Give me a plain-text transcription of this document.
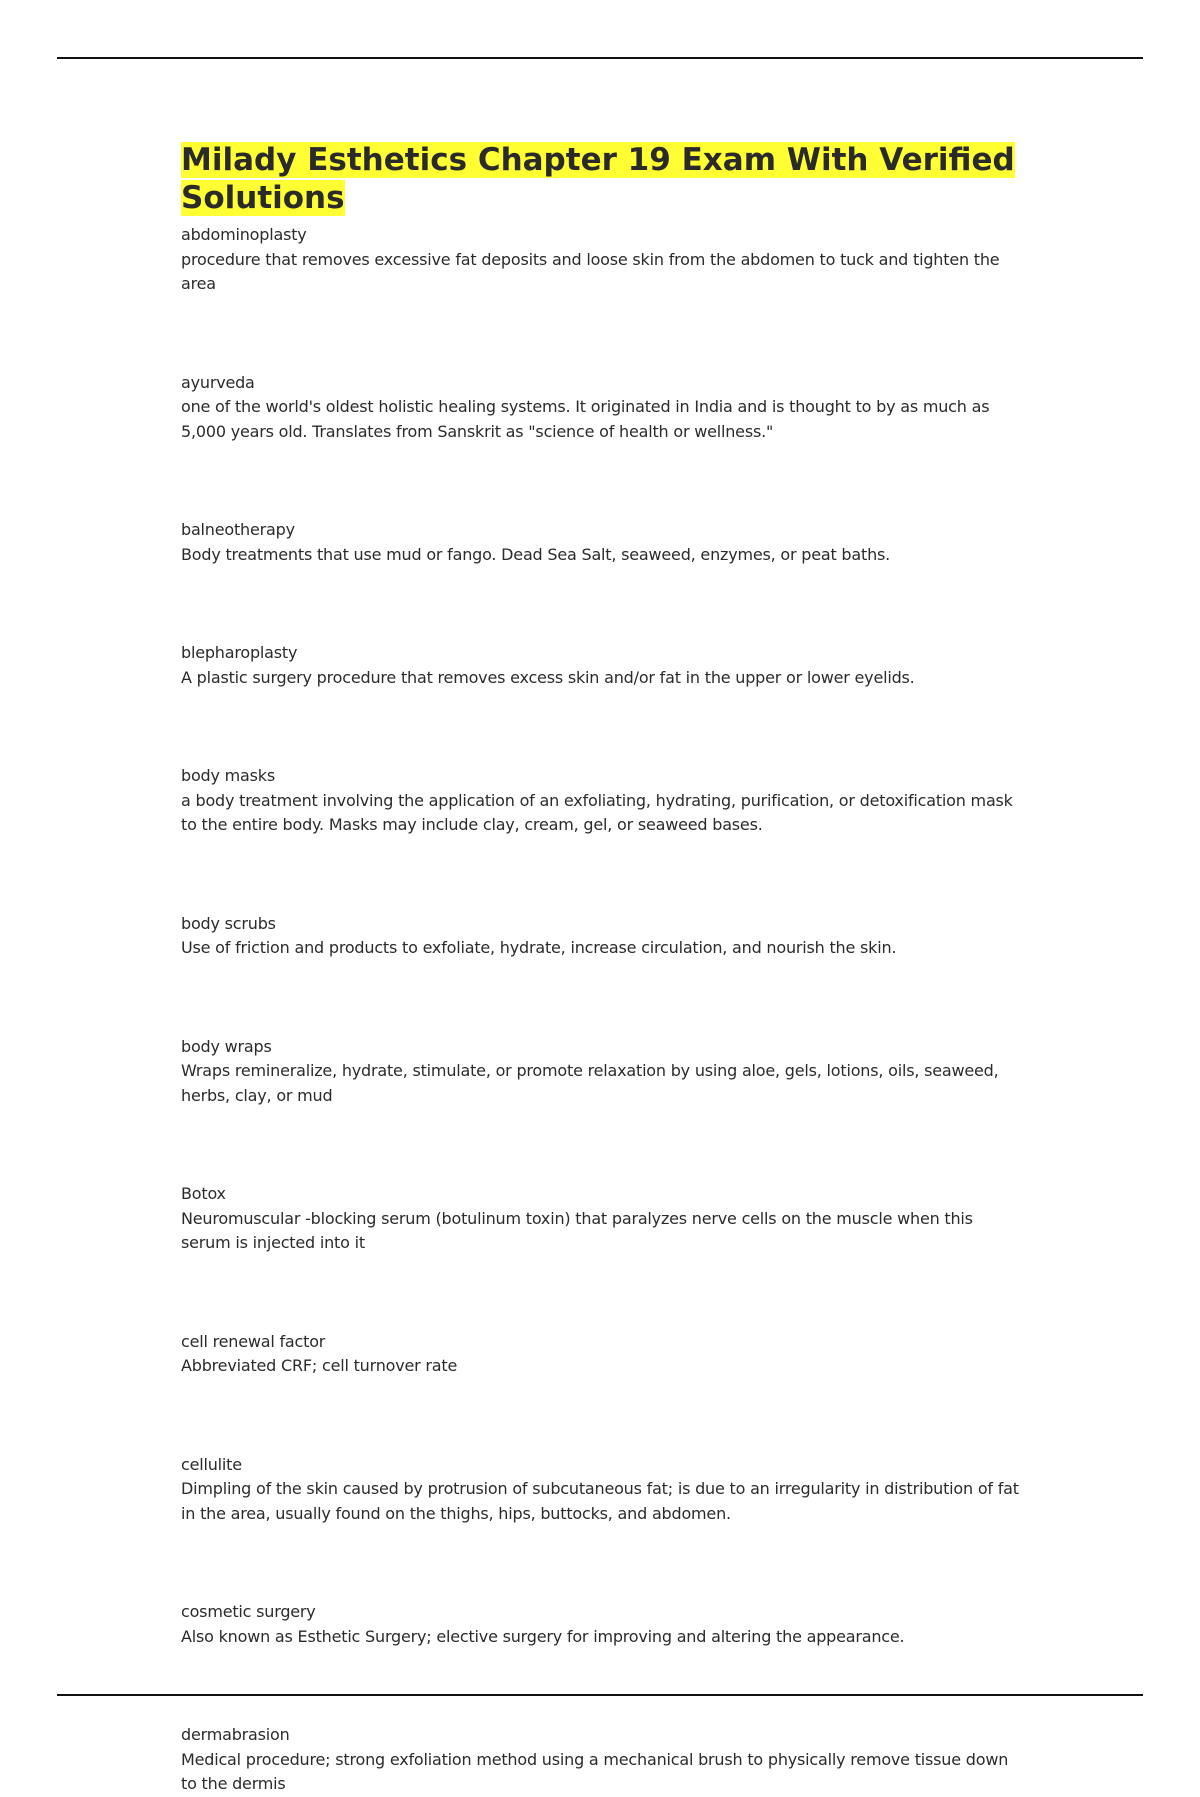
Milady Esthetics Chapter 19 Exam With Verified Solutions
abdominoplasty
procedure that removes excessive fat deposits and loose skin from the abdomen to tuck and tighten the area
ayurveda
one of the world's oldest holistic healing systems. It originated in India and is thought to by as much as 5,000 years old. Translates from Sanskrit as "science of health or wellness."
balneotherapy
Body treatments that use mud or fango. Dead Sea Salt, seaweed, enzymes, or peat baths.
blepharoplasty
A plastic surgery procedure that removes excess skin and/or fat in the upper or lower eyelids.
body masks
a body treatment involving the application of an exfoliating, hydrating, purification, or detoxification mask to the entire body. Masks may include clay, cream, gel, or seaweed bases.
body scrubs
Use of friction and products to exfoliate, hydrate, increase circulation, and nourish the skin.
body wraps
Wraps remineralize, hydrate, stimulate, or promote relaxation by using aloe, gels, lotions, oils, seaweed, herbs, clay, or mud
Botox
Neuromuscular -blocking serum (botulinum toxin) that paralyzes nerve cells on the muscle when this serum is injected into it
cell renewal factor
Abbreviated CRF; cell turnover rate
cellulite
Dimpling of the skin caused by protrusion of subcutaneous fat; is due to an irregularity in distribution of fat in the area, usually found on the thighs, hips, buttocks, and abdomen.
cosmetic surgery
Also known as Esthetic Surgery; elective surgery for improving and altering the appearance.
dermabrasion
Medical procedure; strong exfoliation method using a mechanical brush to physically remove tissue down to the dermis
